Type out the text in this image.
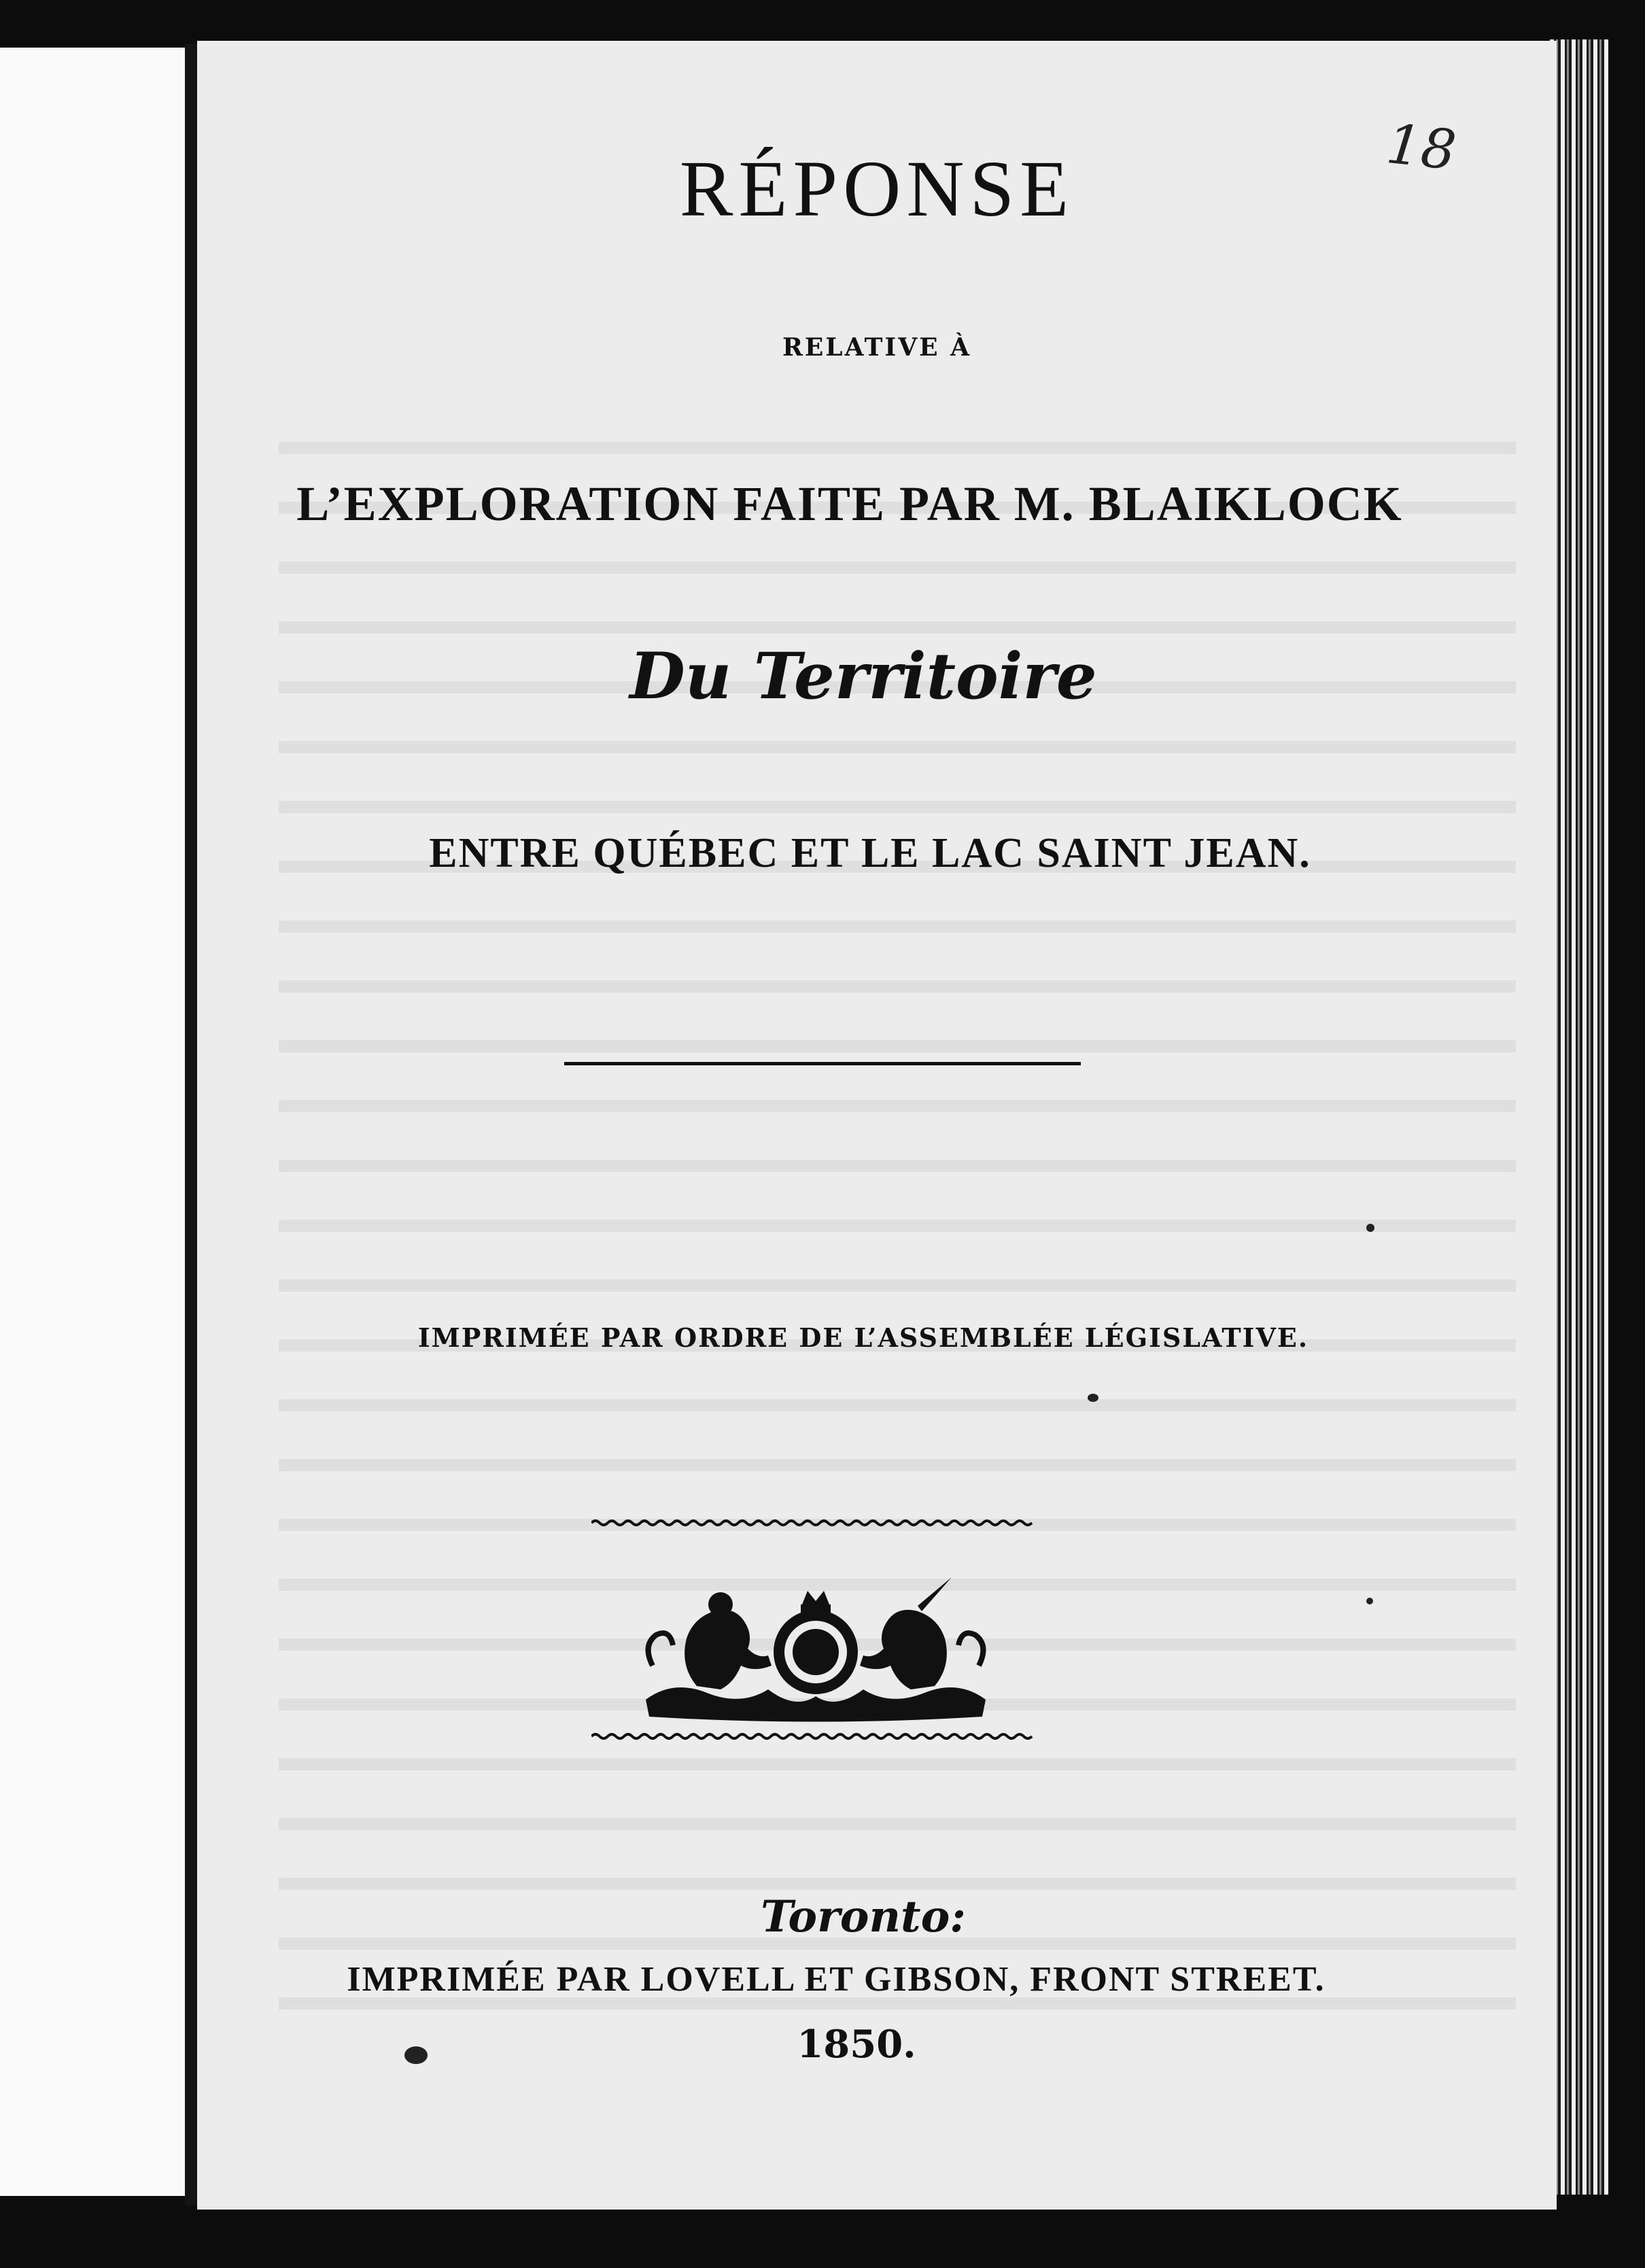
18
RÉPONSE
RELATIVE À
L’EXPLORATION FAITE PAR M. BLAIKLOCK
Du Territoire
ENTRE QUÉBEC ET LE LAC SAINT JEAN.
IMPRIMÉE PAR ORDRE DE L’ASSEMBLÉE LÉGISLATIVE.
Toronto:
IMPRIMÉE PAR LOVELL ET GIBSON, FRONT STREET.
1850.
